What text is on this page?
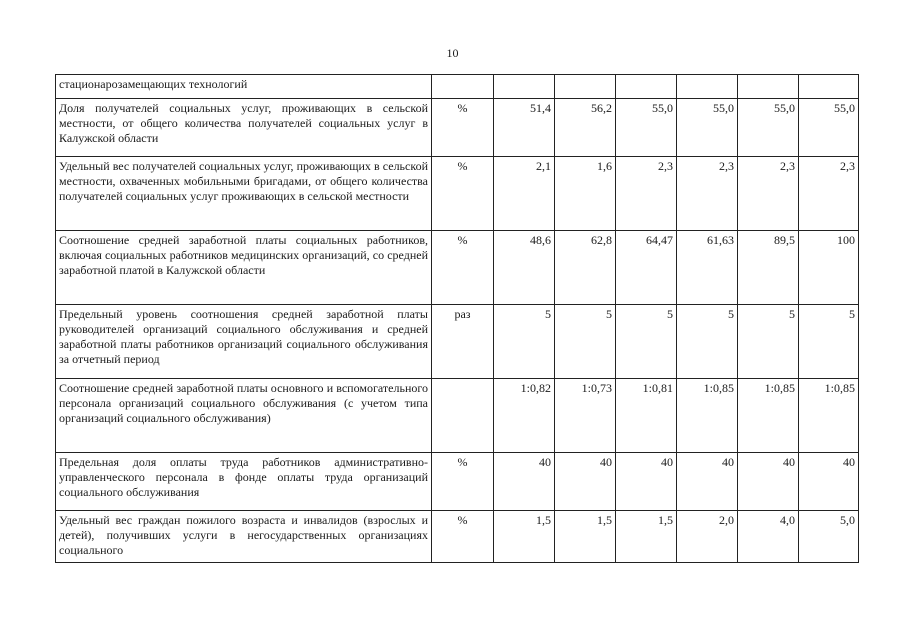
10
стационарозамещающих технологий							
Доля получателей социальных услуг, проживающих в сельской местности, от общего количества получателей социальных услуг в Калужской области	%	51,4	56,2	55,0	55,0	55,0	55,0
Удельный вес получателей социальных услуг, проживающих в сельской местности, охваченных мобильными бригадами, от общего количества получателей социальных услуг проживающих в сельской местности	%	2,1	1,6	2,3	2,3	2,3	2,3
Соотношение средней заработной платы социальных работников, включая социальных работников медицинских организаций, со средней заработной платой в Калужской области	%	48,6	62,8	64,47	61,63	89,5	100
Предельный уровень соотношения средней заработной платы руководителей организаций социального обслуживания и средней заработной платы работников организаций социального обслуживания за отчетный период	раз	5	5	5	5	5	5
Соотношение средней заработной платы основного и вспомогательного персонала организаций социального обслуживания (с учетом типа организаций социального обслуживания)		1:0,82	1:0,73	1:0,81	1:0,85	1:0,85	1:0,85
Предельная доля оплаты труда работников административно-управленческого персонала в фонде оплаты труда организаций социального обслуживания	%	40	40	40	40	40	40
Удельный вес граждан пожилого возраста и инвалидов (взрослых и детей), получивших услуги в негосударственных организациях социального	%	1,5	1,5	1,5	2,0	4,0	5,0
